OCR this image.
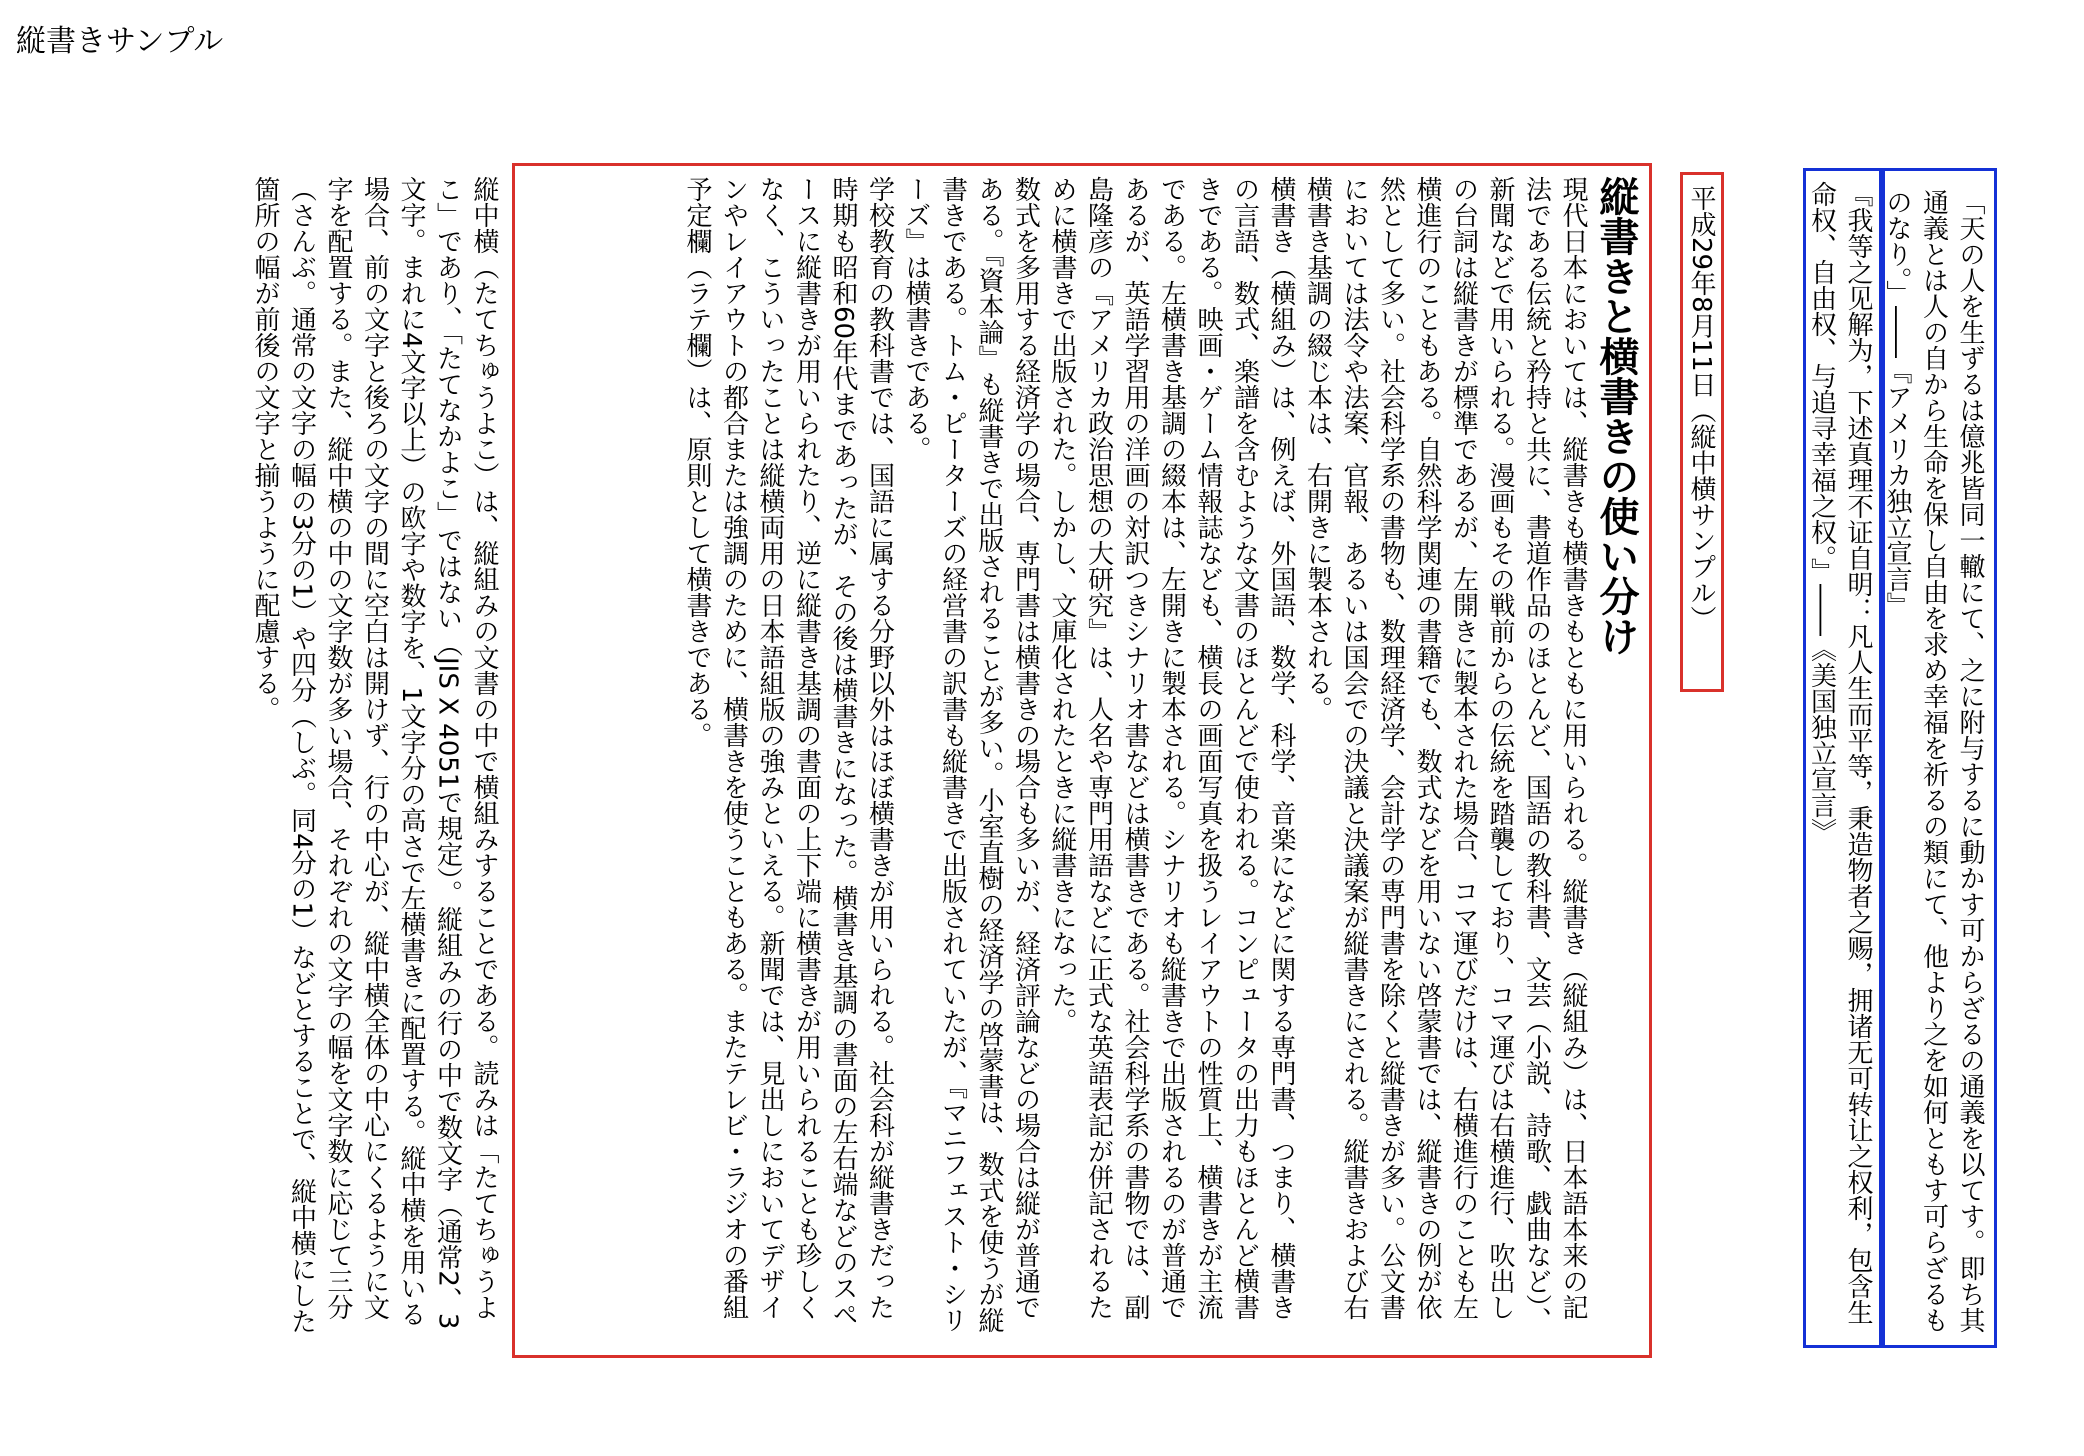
縦書きサンプル
「天の人を生ずるは億兆皆同一轍にて、之に附与するに動かす可からざるの通義を以てす。即ち其通義とは人の自から生命を保し自由を求め幸福を祈るの類にて、他より之を如何ともす可らざるものなり。」――『アメリカ独立宣言』
『我等之见解为，下述真理不证自明：凡人生而平等，秉造物者之赐，拥诸无可转让之权利，包含生命权、自由权、与追寻幸福之权。』――《美国独立宣言》
平成29年8月11日（縦中横サンプル）
縦書きと横書きの使い分け

現代日本においては、縦書きも横書きもともに用いられる。縦書き（縦組み）は、日本語本来の記法である伝統と矜持と共に、書道作品のほとんど、国語の教科書、文芸（小説、詩歌、戯曲など）、新聞などで用いられる。漫画もその戦前からの伝統を踏襲しており、コマ運びは右横進行、吹出しの台詞は縦書きが標準であるが、左開きに製本された場合、コマ運びだけは、右横進行のことも左横進行のこともある。自然科学関連の書籍でも、数式などを用いない啓蒙書では、縦書きの例が依然として多い。社会科学系の書物も、数理経済学、会計学の専門書を除くと縦書きが多い。公文書においては法令や法案、官報、あるいは国会での決議と決議案が縦書きにされる。縦書きおよび右横書き基調の綴じ本は、右開きに製本される。

横書き（横組み）は、例えば、外国語、数学、科学、音楽になどに関する専門書、つまり、横書きの言語、数式、楽譜を含むような文書のほとんどで使われる。コンピュータの出力もほとんど横書きである。映画・ゲーム情報誌なども、横長の画面写真を扱うレイアウトの性質上、横書きが主流である。左横書き基調の綴本は、左開きに製本される。シナリオも縦書きで出版されるのが普通であるが、英語学習用の洋画の対訳つきシナリオ書などは横書きである。社会科学系の書物では、副島隆彦の『アメリカ政治思想の大研究』は、人名や専門用語などに正式な英語表記が併記されるために横書きで出版された。しかし、文庫化されたときに縦書きになった。

数式を多用する経済学の場合、専門書は横書きの場合も多いが、経済評論などの場合は縦が普通である。『資本論』も縦書きで出版されることが多い。小室直樹の経済学の啓蒙書は、数式を使うが縦書きである。トム・ピーターズの経営書の訳書も縦書きで出版されていたが、『マニフェスト・シリーズ』は横書きである。

学校教育の教科書では、国語に属する分野以外はほぼ横書きが用いられる。社会科が縦書きだった時期も昭和60年代まであったが、その後は横書きになった。横書き基調の書面の左右端などのスペースに縦書きが用いられたり、逆に縦書き基調の書面の上下端に横書きが用いられることも珍しくなく、こういったことは縦横両用の日本語組版の強みといえる。新聞では、見出しにおいてデザインやレイアウトの都合または強調のために、横書きを使うこともある。またテレビ・ラジオの番組予定欄（ラテ欄）は、原則として横書きである。

縦中横（たてちゅうよこ）は、縦組みの文書の中で横組みすることである。読みは「たてちゅうよこ」であり、「たてなかよこ」ではない（JIS X 4051で規定）。縦組みの行の中で数文字（通常2、3文字。まれに4文字以上）の欧字や数字を、1文字分の高さで左横書きに配置する。縦中横を用いる場合、前の文字と後ろの文字の間に空白は開けず、行の中心が、縦中横全体の中心にくるように文字を配置する。また、縦中横の中の文字数が多い場合、それぞれの文字の幅を文字数に応じて三分（さんぶ。通常の文字の幅の3分の1）や四分（しぶ。同4分の1）などとすることで、縦中横にした箇所の幅が前後の文字と揃うように配慮する。
